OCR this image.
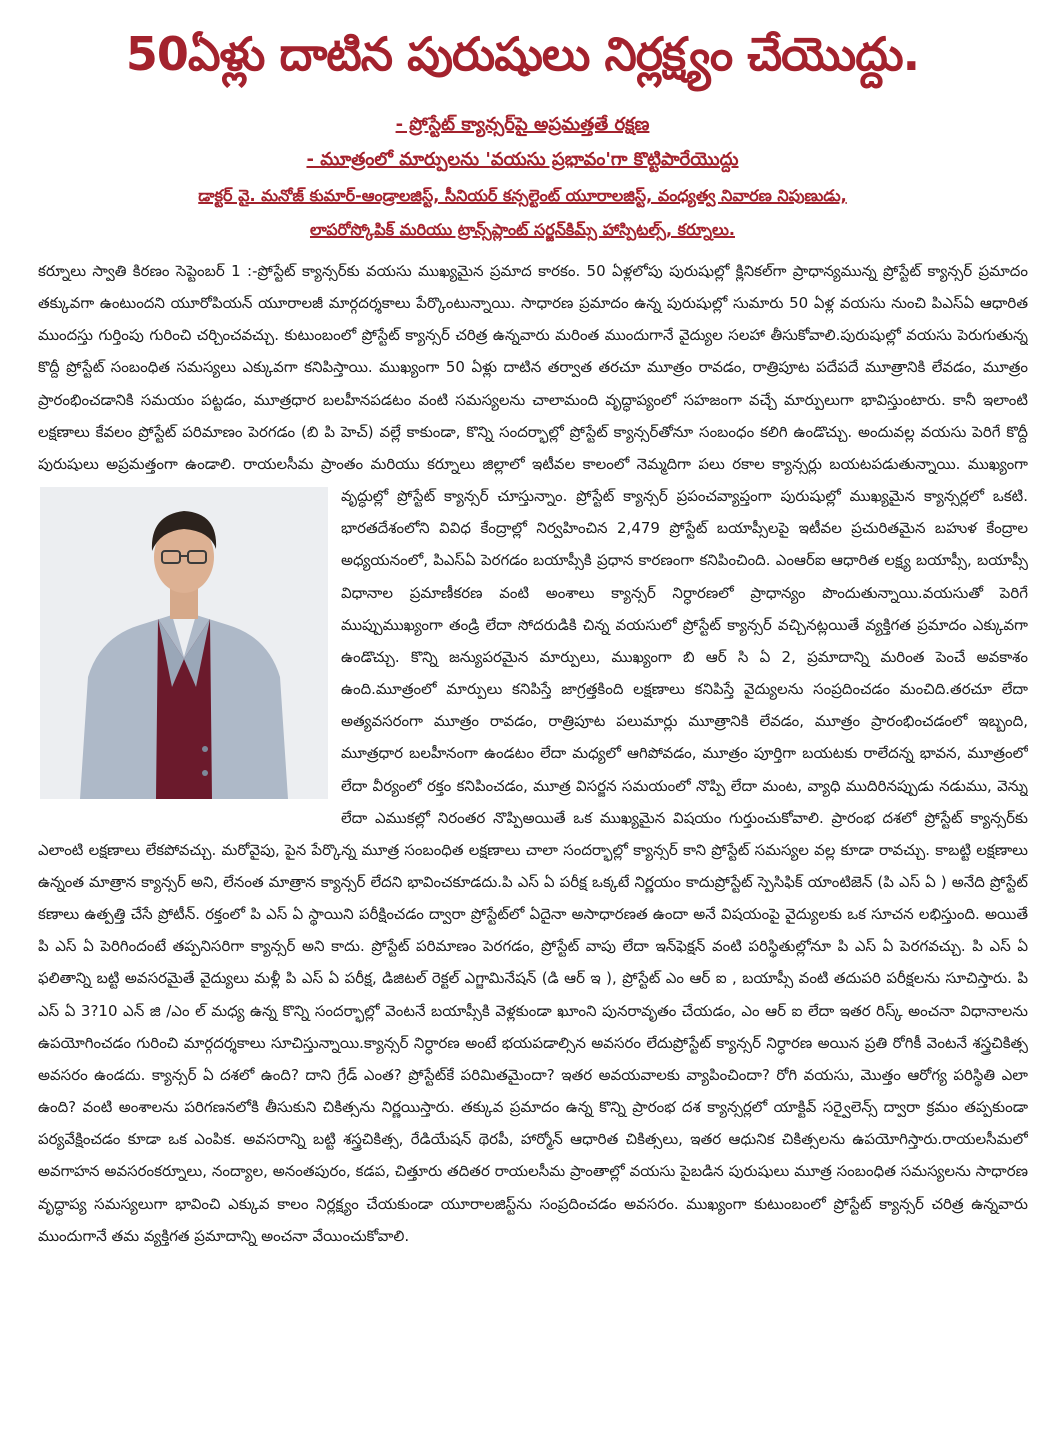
50ఏళ్లు దాటిన పురుషులు నిర్లక్ష్యం చేయొద్దు.
- ప్రోస్టేట్ క్యాన్సర్‌పై అప్రమత్తతే రక్షణ
- మూత్రంలో మార్పులను 'వయసు ప్రభావం'గా కొట్టిపారేయొద్దు
డాక్టర్ వై. మనోజ్ కుమార్-ఆండ్రాలజిస్ట్, సీనియర్ కన్సల్టెంట్ యూరాలజిస్ట్, వంధ్యత్వ నివారణ నిపుణుడు,
లాపరోస్కోపిక్ మరియు ట్రాన్స్‌ప్లాంట్ సర్జన్‌కిమ్స్ హాస్పిటల్స్, కర్నూలు.
కర్నూలు స్వాతి కిరణం సెప్టెంబర్ 1 :-ప్రోస్టేట్ క్యాన్సర్‌కు వయసు ముఖ్యమైన ప్రమాద కారకం. 50 ఏళ్లలోపు పురుషుల్లో క్లినికల్‌గా ప్రాధాన్యమున్న ప్రోస్టేట్ క్యాన్సర్ ప్రమాదం తక్కువగా ఉంటుందని యూరోపియన్ యూరాలజీ మార్గదర్శకాలు పేర్కొంటున్నాయి. సాధారణ ప్రమాదం ఉన్న పురుషుల్లో సుమారు 50 ఏళ్ల వయసు నుంచి పిఎస్ఏ ఆధారిత ముందస్తు గుర్తింపు గురించి చర్చించవచ్చు. కుటుంబంలో ప్రోస్టేట్ క్యాన్సర్ చరిత్ర ఉన్నవారు మరింత ముందుగానే వైద్యుల సలహా తీసుకోవాలి.పురుషుల్లో వయసు పెరుగుతున్న కొద్దీ ప్రోస్టేట్ సంబంధిత సమస్యలు ఎక్కువగా కనిపిస్తాయి. ముఖ్యంగా 50 ఏళ్లు దాటిన తర్వాత తరచూ మూత్రం రావడం, రాత్రిపూట పదేపదే మూత్రానికి లేవడం, మూత్రం ప్రారంభించడానికి సమయం పట్టడం, మూత్రధార బలహీనపడటం వంటి సమస్యలను చాలామంది వృద్ధాప్యంలో సహజంగా వచ్చే మార్పులుగా భావిస్తుంటారు. కానీ ఇలాంటి లక్షణాలు కేవలం ప్రోస్టేట్ పరిమాణం పెరగడం (బి పి హెచ్) వల్లే కాకుండా, కొన్ని సందర్భాల్లో ప్రోస్టేట్ క్యాన్సర్‌తోనూ సంబంధం కలిగి ఉండొచ్చు. అందువల్ల వయసు పెరిగే కొద్దీ పురుషులు అప్రమత్తంగా ఉండాలి. రాయలసీమ ప్రాంతం మరియు కర్నూలు జిల్లాలో ఇటీవల కాలంలో నెమ్మదిగా పలు రకాల క్యాన్సర్లు బయటపడుతున్నాయి. ముఖ్యంగా వృద్ధుల్లో ప్రోస్టేట్ క్యాన్సర్ చూస్తున్నాం. ప్రోస్టేట్ క్యాన్సర్ ప్రపంచవ్యాప్తంగా పురుషుల్లో ముఖ్యమైన క్యాన్సర్లలో ఒకటి. భారతదేశంలోని వివిధ కేంద్రాల్లో నిర్వహించిన 2,479 ప్రోస్టేట్ బయాప్సీలపై ఇటీవల ప్రచురితమైన బహుళ కేంద్రాల అధ్యయనంలో, పిఎస్ఏ పెరగడం బయాప్సీకి ప్రధాన కారణంగా కనిపించింది. ఎంఆర్ఐ ఆధారిత లక్ష్య బయాప్సీ, బయాప్సీ విధానాల ప్రమాణీకరణ వంటి అంశాలు క్యాన్సర్ నిర్ధారణలో ప్రాధాన్యం పొందుతున్నాయి.వయసుతో పెరిగే ముప్పుముఖ్యంగా తండ్రి లేదా సోదరుడికి చిన్న వయసులో ప్రోస్టేట్ క్యాన్సర్ వచ్చినట్లయితే వ్యక్తిగత ప్రమాదం ఎక్కువగా ఉండొచ్చు. కొన్ని జన్యుపరమైన మార్పులు, ముఖ్యంగా బి ఆర్ సి ఏ 2, ప్రమాదాన్ని మరింత పెంచే అవకాశం ఉంది.మూత్రంలో మార్పులు కనిపిస్తే జాగ్రత్తకింది లక్షణాలు కనిపిస్తే వైద్యులను సంప్రదించడం మంచిది.తరచూ లేదా అత్యవసరంగా మూత్రం రావడం, రాత్రిపూట పలుమార్లు మూత్రానికి లేవడం, మూత్రం ప్రారంభించడంలో ఇబ్బంది, మూత్రధార బలహీనంగా ఉండటం లేదా మధ్యలో ఆగిపోవడం, మూత్రం పూర్తిగా బయటకు రాలేదన్న భావన, మూత్రంలో లేదా వీర్యంలో రక్తం కనిపించడం, మూత్ర విసర్జన సమయంలో నొప్పి లేదా మంట, వ్యాధి ముదిరినప్పుడు నడుము, వెన్ను లేదా ఎముకల్లో నిరంతర నొప్పిఅయితే ఒక ముఖ్యమైన విషయం గుర్తుంచుకోవాలి. ప్రారంభ దశలో ప్రోస్టేట్ క్యాన్సర్‌కు ఎలాంటి లక్షణాలు లేకపోవచ్చు. మరోవైపు, పైన పేర్కొన్న మూత్ర సంబంధిత లక్షణాలు చాలా సందర్భాల్లో క్యాన్సర్ కాని ప్రోస్టేట్ సమస్యల వల్ల కూడా రావచ్చు. కాబట్టి లక్షణాలు ఉన్నంత మాత్రాన క్యాన్సర్ అని, లేనంత మాత్రాన క్యాన్సర్ లేదని భావించకూడదు.పి ఎస్ ఏ పరీక్ష ఒక్కటే నిర్ణయం కాదుప్రోస్టేట్ స్పెసిఫిక్ యాంటిజెన్ (పి ఎస్ ఏ ) అనేది ప్రోస్టేట్ కణాలు ఉత్పత్తి చేసే ప్రోటీన్. రక్తంలో పి ఎస్ ఏ స్థాయిని పరీక్షించడం ద్వారా ప్రోస్టేట్‌లో ఏదైనా అసాధారణత ఉందా అనే విషయంపై వైద్యులకు ఒక సూచన లభిస్తుంది. అయితే పి ఎస్ ఏ పెరిగిందంటే తప్పనిసరిగా క్యాన్సర్ అని కాదు. ప్రోస్టేట్ పరిమాణం పెరగడం, ప్రోస్టేట్ వాపు లేదా ఇన్‌ఫెక్షన్ వంటి పరిస్థితుల్లోనూ పి ఎస్ ఏ పెరగవచ్చు. పి ఎస్ ఏ ఫలితాన్ని బట్టి అవసరమైతే వైద్యులు మళ్లీ పి ఎస్ ఏ పరీక్ష, డిజిటల్ రెక్టల్ ఎగ్జామినేషన్ (డి ఆర్ ఇ ), ప్రోస్టేట్ ఎం ఆర్ ఐ , బయాప్సీ వంటి తదుపరి పరీక్షలను సూచిస్తారు. పి ఎస్ ఏ 3?10 ఎన్ జి /ఎం ల్ మధ్య ఉన్న కొన్ని సందర్భాల్లో వెంటనే బయాప్సీకి వెళ్లకుండా ఖూంని పునరావృతం చేయడం, ఎం ఆర్ ఐ లేదా ఇతర రిస్క్ అంచనా విధానాలను ఉపయోగించడం గురించి మార్గదర్శకాలు సూచిస్తున్నాయి.క్యాన్సర్ నిర్ధారణ అంటే భయపడాల్సిన అవసరం లేదుప్రోస్టేట్ క్యాన్సర్ నిర్ధారణ అయిన ప్రతి రోగికీ వెంటనే శస్త్రచికిత్స అవసరం ఉండదు. క్యాన్సర్ ఏ దశలో ఉంది? దాని గ్రేడ్ ఎంత? ప్రోస్టేట్‌కే పరిమితమైందా? ఇతర అవయవాలకు వ్యాపించిందా? రోగి వయసు, మొత్తం ఆరోగ్య పరిస్థితి ఎలా ఉంది? వంటి అంశాలను పరిగణనలోకి తీసుకుని చికిత్సను నిర్ణయిస్తారు. తక్కువ ప్రమాదం ఉన్న కొన్ని ప్రారంభ దశ క్యాన్సర్లలో యాక్టివ్ సర్వైలెన్స్ ద్వారా క్రమం తప్పకుండా పర్యవేక్షించడం కూడా ఒక ఎంపిక. అవసరాన్ని బట్టి శస్త్రచికిత్స, రేడియేషన్ థెరపీ, హార్మోన్ ఆధారిత చికిత్సలు, ఇతర ఆధునిక చికిత్సలను ఉపయోగిస్తారు.రాయలసీమలో అవగాహన అవసరంకర్నూలు, నంద్యాల, అనంతపురం, కడప, చిత్తూరు తదితర రాయలసీమ ప్రాంతాల్లో వయసు పైబడిన పురుషులు మూత్ర సంబంధిత సమస్యలను సాధారణ వృద్ధాప్య సమస్యలుగా భావించి ఎక్కువ కాలం నిర్లక్ష్యం చేయకుండా యూరాలజిస్ట్‌ను సంప్రదించడం అవసరం. ముఖ్యంగా కుటుంబంలో ప్రోస్టేట్ క్యాన్సర్ చరిత్ర ఉన్నవారు ముందుగానే తమ వ్యక్తిగత ప్రమాదాన్ని అంచనా వేయించుకోవాలి.
